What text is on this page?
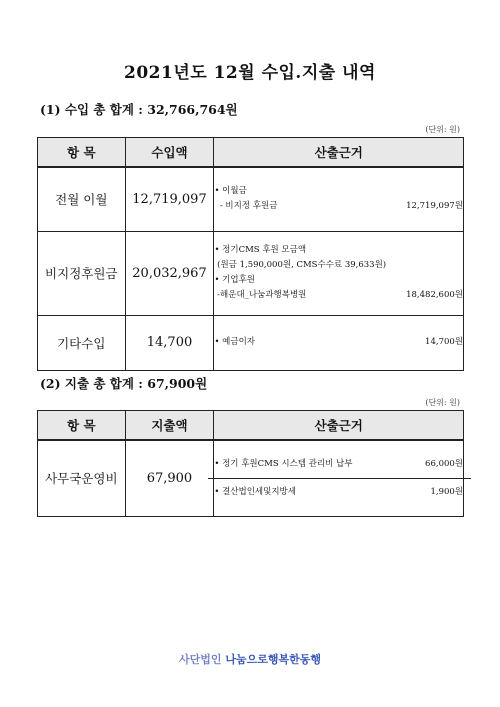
2021년도 12월 수입.지출 내역
(1) 수입 총 합계 : 32,766,764원
(단위: 원)
항 목	수입액	산출근거
전월 이월	12,719,097	• 이월금
- 비지정 후원금 12,719,097원

비지정후원금	20,032,967	• 정기CMS 후원 모금액
(원금 1,590,000원, CMS수수료 39,633원)
• 기업후원
-해운대_나눔과행복병원 18,482,600원

기타수입	14,700	• 예금이자 14,700원
(2) 지출 총 합계 : 67,900원
(단위: 원)
항 목	지출액	산출근거
사무국운영비	67,900	• 정기 후원CMS 시스템 관리비 납부 66,000원
• 결산법인세및지방세 1,900원
사단법인 나눔으로행복한동행
